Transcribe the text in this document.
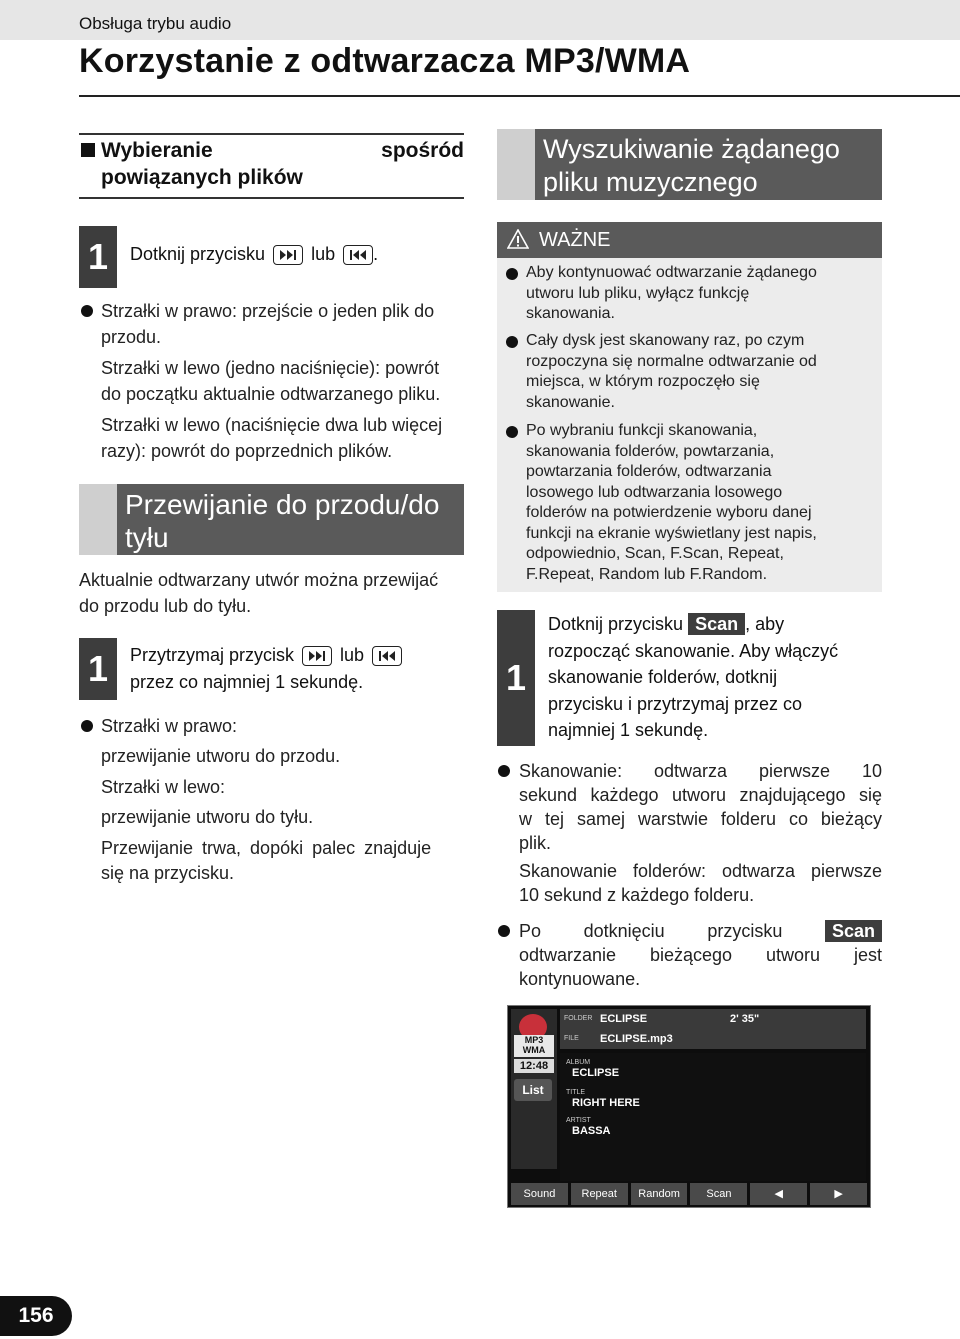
Obsługa trybu audio
Korzystanie z odtwarzacza MP3/WMA
Wybieranie	spośród
powiązanych plików
1	Dotknij przycisku	lub .
Strzałki w prawo: przejście o jeden plik do
przodu.
Strzałki w lewo (jedno naciśnięcie): powrót
do początku aktualnie odtwarzanego pliku.
Strzałki w lewo (naciśnięcie dwa lub więcej
razy): powrót do poprzednich plików.
Przewijanie do przodu/do tyłu
Aktualnie odtwarzany utwór można przewijać
do przodu lub do tyłu.
1	Przytrzymaj przycisk	lub
przez co najmniej 1 sekundę.
Strzałki w prawo:
przewijanie utworu do przodu.
Strzałki w lewo:
przewijanie utworu do tyłu.
Przewijanie trwa, dopóki palec znajduje
się na przycisku.
Wyszukiwanie żądanego pliku muzycznego
WAŻNE
Aby kontynuować odtwarzanie żądanego
utworu lub pliku, wyłącz funkcję
skanowania.
Cały dysk jest skanowany raz, po czym
rozpoczyna się normalne odtwarzanie od
miejsca, w którym rozpoczęło się
skanowanie.
Po wybraniu funkcji skanowania,
skanowania folderów, powtarzania,
powtarzania folderów, odtwarzania
losowego lub odtwarzania losowego
folderów na potwierdzenie wyboru danej
funkcji na ekranie wyświetlany jest napis,
odpowiednio, Scan, F.Scan, Repeat,
F.Repeat, Random lub F.Random.
1
Dotknij przycisku Scan , aby
rozpocząć skanowanie. Aby włączyć
skanowanie folderów, dotknij
przycisku i przytrzymaj przez co
najmniej 1 sekundę.
Skanowanie: odtwarza pierwsze 10
sekund każdego utworu znajdującego się
w tej samej warstwie folderu co bieżący
plik.
Skanowanie folderów: odtwarza pierwsze
10 sekund z każdego folderu.
Po dotknięciu przycisku	Scan
odtwarzanie bieżącego utworu jest
kontynuowane.
MP3
WMA
12:48
List
FOLDER ECLIPSE	2' 35"
FILE ECLIPSE.mp3
ALBUM
ECLIPSE
TITLE
RIGHT HERE
ARTIST
BASSA
Sound	Repeat	Random	Scan	◀	▶
156
